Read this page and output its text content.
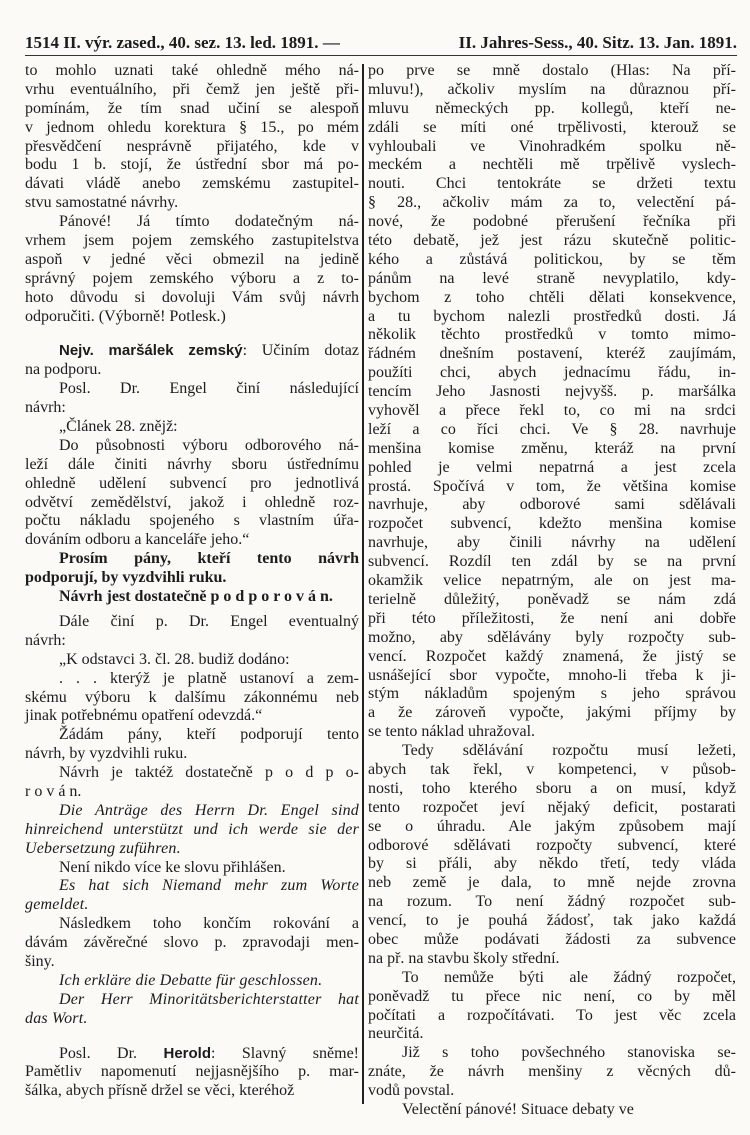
1514 II. výr. zased., 40. sez. 13. led. 1891. —	II. Jahres-Sess., 40. Sitz. 13. Jan. 1891.
to mohlo uznati také ohledně mého ná-
vrhu eventuálního, při čemž jen ještě při-
pomínám, že tím snad učiní se alespoň
v jednom ohledu korektura § 15., po mém
přesvědčení nesprávně přijatého, kde v
bodu 1 b. stojí, že ústřední sbor má po-
dávati vládě anebo zemskému zastupitel-
stvu samostatné návrhy.
Pánové! Já tímto dodatečným ná-
vrhem jsem pojem zemského zastupitelstva
aspoň v jedné věci obmezil na jedině
správný pojem zemského výboru a z to-
hoto důvodu si dovoluji Vám svůj návrh
odporučiti. (Výborně! Potlesk.)
Nejv. maršálek zemský: Učiním dotaz
na podporu.
Posl. Dr. Engel činí následující
návrh:
„Článek 28. znějž:
Do působnosti výboru odborového ná-
leží dále činiti návrhy sboru ústřednímu
ohledně udělení subvencí pro jednotlivá
odvětví zemědělství, jakož i ohledně roz-
počtu nákladu spojeného s vlastním úřa-
dováním odboru a kanceláře jeho.“
Prosím pány, kteří tento návrh
podporují, by vyzdvihli ruku.
Návrh jest dostatečně p o d p o r o v á n.
Dále činí p. Dr. Engel eventualný
návrh:
„K odstavci 3. čl. 28. budiž dodáno:
. . . kterýž je platně ustanoví a zem-
skému výboru k dalšímu zákonnému neb
jinak potřebnému opatření odevzdá.“
Žádám pány, kteří podporují tento
návrh, by vyzdvihli ruku.
Návrh je taktéž dostatečně p o d p o-
r o v á n.
Die Anträge des Herrn Dr. Engel sind
hinreichend unterstützt und ich werde sie der
Uebersetzung zuführen.
Není nikdo více ke slovu přihlášen.
Es hat sich Niemand mehr zum Worte
gemeldet.
Následkem toho končím rokování a
dávám závěrečné slovo p. zpravodaji men-
šiny.
Ich erkläre die Debatte für geschlossen.
Der Herr Minoritätsberichterstatter hat
das Wort.
Posl. Dr. Herold: Slavný sněme!
Pamětliv napomenutí nejjasnějšího p. mar-
šálka, abych přísně držel se věci, kteréhož
po prve se mně dostalo (Hlas: Na pří-
mluvu!), ačkoliv myslím na důraznou pří-
mluvu německých pp. kollegů, kteří ne-
zdáli se míti oné trpělivosti, kterouž se
vyhloubali ve Vinohradkém spolku ně-
meckém a nechtěli mě trpělivě vyslech-
nouti. Chci tentokráte se držeti textu
§ 28., ačkoliv mám za to, velectění pá-
nové, že podobné přerušení řečníka při
této debatě, jež jest rázu skutečně politic-
kého a zůstává politickou, by se těm
pánům na levé straně nevyplatilo, kdy-
bychom z toho chtěli dělati konsekvence,
a tu bychom nalezli prostředků dosti. Já
několik těchto prostředků v tomto mimo-
řádném dnešním postavení, kteréž zaujímám,
použíti chci, abych jednacímu řádu, in-
tencím Jeho Jasnosti nejvyšš. p. maršálka
vyhověl a přece řekl to, co mi na srdci
leží a co říci chci. Ve § 28. navrhuje
menšina komise změnu, kteráž na první
pohled je velmi nepatrná a jest zcela
prostá. Spočívá v tom, že většina komise
navrhuje, aby odborové sami sdělávali
rozpočet subvencí, kdežto menšina komise
navrhuje, aby činili návrhy na udělení
subvencí. Rozdíl ten zdál by se na první
okamžik velice nepatrným, ale on jest ma-
terielně důležitý, poněvadž se nám zdá
při této příležitosti, že není ani dobře
možno, aby sdělávány byly rozpočty sub-
vencí. Rozpočet každý znamená, že jistý se
usnášející sbor vypočte, mnoho-li třeba k ji-
stým nákladům spojeným s jeho správou
a že zároveň vypočte, jakými příjmy by
se tento náklad uhražoval.
Tedy sdělávání rozpočtu musí ležeti,
abych tak řekl, v kompetenci, v působ-
nosti, toho kterého sboru a on musí, když
tento rozpočet jeví nějaký deficit, postarati
se o úhradu. Ale jakým způsobem mají
odborové sdělávati rozpočty subvencí, které
by si přáli, aby někdo třetí, tedy vláda
neb země je dala, to mně nejde zrovna
na rozum. To není žádný rozpočet sub-
vencí, to je pouhá žádosť, tak jako každá
obec může podávati žádosti za subvence
na př. na stavbu školy střední.
To nemůže býti ale žádný rozpočet,
poněvadž tu přece nic není, co by měl
počítati a rozpočítávati. To jest věc zcela
neurčitá.
Již s toho povšechného stanoviska se-
znáte, že návrh menšiny z věcných dů-
vodů povstal.
Velectění pánové! Situace debaty ve
